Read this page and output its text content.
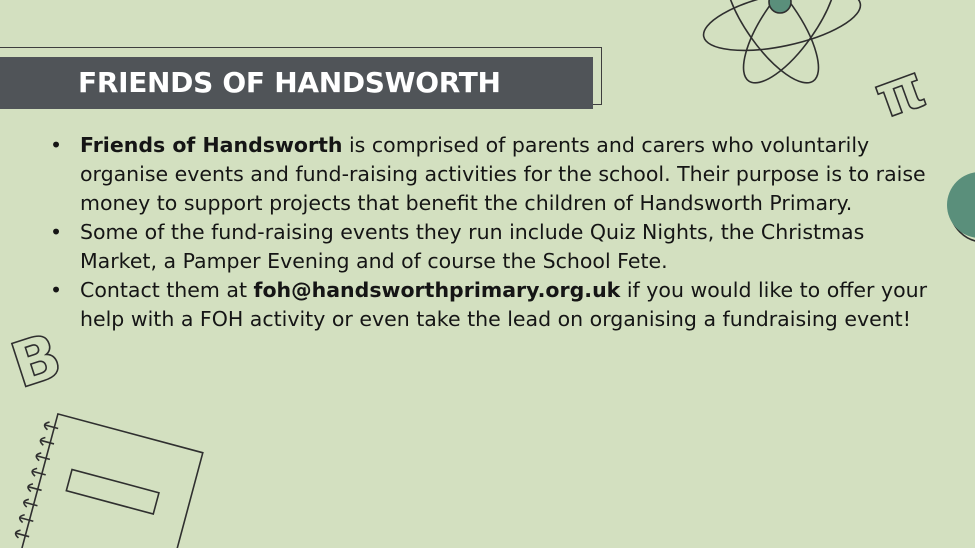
π
B
FRIENDS OF HANDSWORTH
• Friends of Handsworth is comprised of parents and carers who voluntarily organise events and fund-raising activities for the school. Their purpose is to raise money to support projects that benefit the children of Handsworth Primary.
• Some of the fund-raising events they run include Quiz Nights, the Christmas Market, a Pamper Evening and of course the School Fete.
• Contact them at foh@handsworthprimary.org.uk if you would like to offer your help with a FOH activity or even take the lead on organising a fundraising event!
